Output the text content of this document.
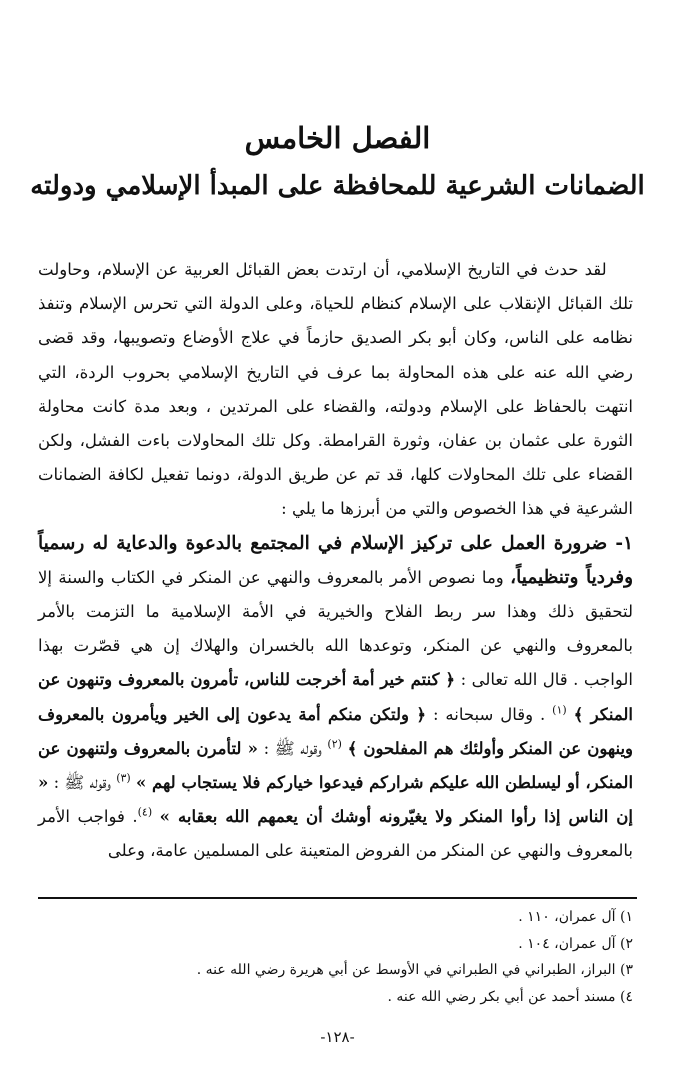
الفصل الخامس
الضمانات الشرعية للمحافظة على المبدأ الإسلامي ودولته

لقد حدث في التاريخ الإسلامي، أن ارتدت بعض القبائل العربية عن الإسلام، وحاولت تلك القبائل الإنقلاب على الإسلام كنظام للحياة، وعلى الدولة التي تحرس الإسلام وتنفذ نظامه على الناس، وكان أبو بكر الصديق حازماً في علاج الأوضاع وتصويبها، وقد قضى رضي الله عنه على هذه المحاولة بما عرف في التاريخ الإسلامي بحروب الردة، التي انتهت بالحفاظ على الإسلام ودولته، والقضاء على المرتدين ، وبعد مدة كانت محاولة الثورة على عثمان بن عفان، وثورة القرامطة. وكل تلك المحاولات باءت الفشل، ولكن القضاء على تلك المحاولات كلها، قد تم عن طريق الدولة، دونما تفعيل لكافة الضمانات الشرعية في هذا الخصوص والتي من أبرزها ما يلي :

١- ضرورة العمل على تركيز الإسلام في المجتمع بالدعوة والدعاية له رسمياً وفردياً وتنظيمياً، وما نصوص الأمر بالمعروف والنهي عن المنكر في الكتاب والسنة إلا لتحقيق ذلك وهذا سر ربط الفلاح والخيرية في الأمة الإسلامية ما التزمت بالأمر بالمعروف والنهي عن المنكر، وتوعدها الله بالخسران والهلاك إن هي قصّرت بهذا الواجب . قال الله تعالى : ﴿ كنتم خير أمة أخرجت للناس، تأمرون بالمعروف وتنهون عن المنكر ﴾ $^{(١)}$ . وقال سبحانه : ﴿ ولتكن منكم أمة يدعون إلى الخير ويأمرون بالمعروف وينهون عن المنكر وأولئك هم المفلحون ﴾ $^{(٢)}$ وقوله ﷺ : « لتأمرن بالمعروف ولتنهون عن المنكر، أو ليسلطن الله عليكم شراركم فيدعوا خياركم فلا يستجاب لهم » $^{(٣)}$ وقوله ﷺ : « إن الناس إذا رأوا المنكر ولا يغيّرونه أوشك أن يعمهم الله بعقابه » $^{(٤)}$. فواجب الأمر بالمعروف والنهي عن المنكر من الفروض المتعينة على المسلمين عامة، وعلى

١) آل عمران، ١١٠ .
٢) آل عمران، ١٠٤ .
٣) البراز، الطبراني في الطبراني في الأوسط عن أبي هريرة رضي الله عنه .
٤) مسند أحمد عن أبي بكر رضي الله عنه .
-١٢٨-
